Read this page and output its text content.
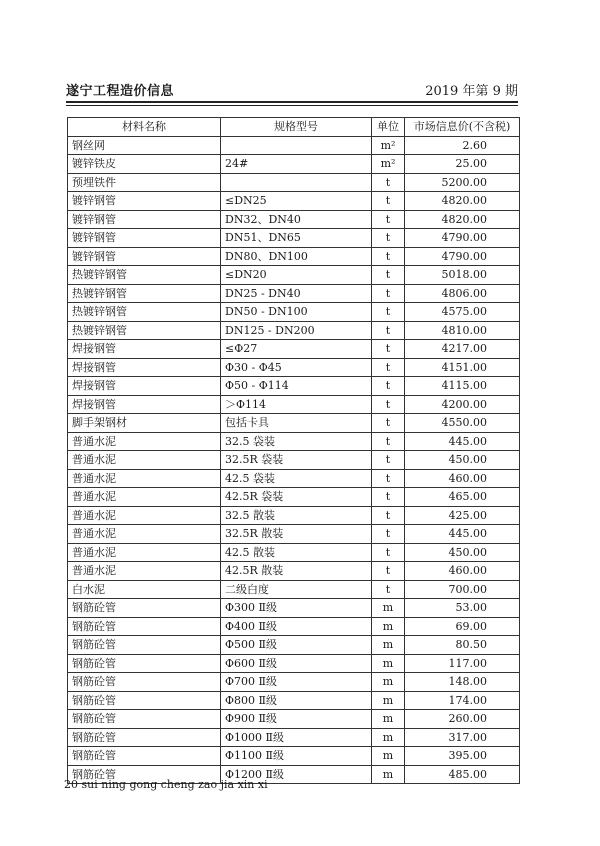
遂宁工程造价信息	2019 年第 9 期
材料名称	规格型号	单位	市场信息价(不含税)
钢丝网		m²	2.60
镀锌铁皮	24#	m²	25.00
预埋铁件		t	5200.00
镀锌钢管	≤DN25	t	4820.00
镀锌钢管	DN32、DN40	t	4820.00
镀锌钢管	DN51、DN65	t	4790.00
镀锌钢管	DN80、DN100	t	4790.00
热镀锌钢管	≤DN20	t	5018.00
热镀锌钢管	DN25 - DN40	t	4806.00
热镀锌钢管	DN50 - DN100	t	4575.00
热镀锌钢管	DN125 - DN200	t	4810.00
焊接钢管	≤Φ27	t	4217.00
焊接钢管	Φ30 - Φ45	t	4151.00
焊接钢管	Φ50 - Φ114	t	4115.00
焊接钢管	＞Φ114	t	4200.00
脚手架钢材	包括卡具	t	4550.00
普通水泥	32.5 袋装	t	445.00
普通水泥	32.5R 袋装	t	450.00
普通水泥	42.5 袋装	t	460.00
普通水泥	42.5R 袋装	t	465.00
普通水泥	32.5 散装	t	425.00
普通水泥	32.5R 散装	t	445.00
普通水泥	42.5 散装	t	450.00
普通水泥	42.5R 散装	t	460.00
白水泥	二级白度	t	700.00
钢筋砼管	Φ300 Ⅱ级	m	53.00
钢筋砼管	Φ400 Ⅱ级	m	69.00
钢筋砼管	Φ500 Ⅱ级	m	80.50
钢筋砼管	Φ600 Ⅱ级	m	117.00
钢筋砼管	Φ700 Ⅱ级	m	148.00
钢筋砼管	Φ800 Ⅱ级	m	174.00
钢筋砼管	Φ900 Ⅱ级	m	260.00
钢筋砼管	Φ1000 Ⅱ级	m	317.00
钢筋砼管	Φ1100 Ⅱ级	m	395.00
钢筋砼管	Φ1200 Ⅱ级	m	485.00
20 sui ning gong cheng zao jia xin xi
